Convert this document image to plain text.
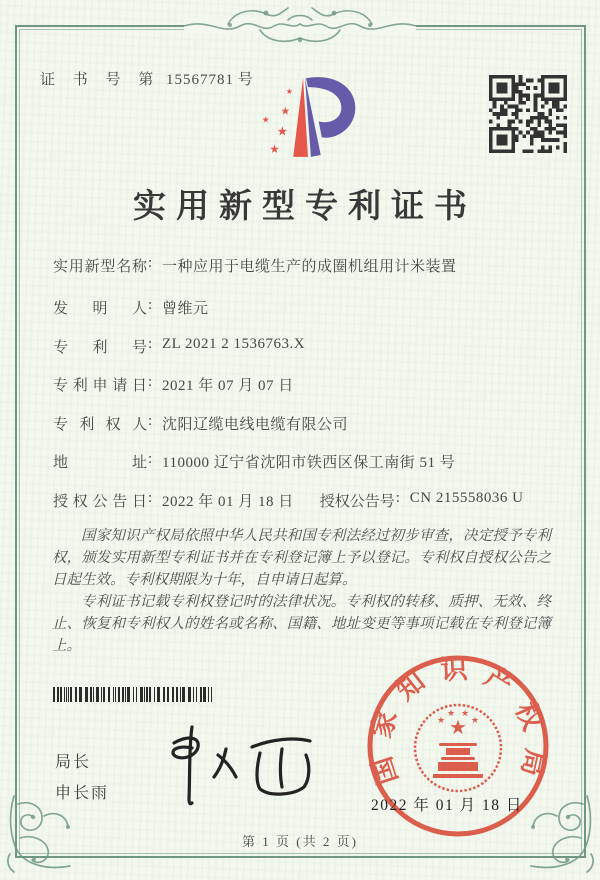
证 书 号 第 15567781 号
★
★
★
★
★
实用新型专利证书
实用新型名称 : 一种应用于电缆生产的成圈机组用计米装置
发明人 : 曾维元
专利号 : ZL 2021 2 1536763.X
专利申请日 : 2021 年 07 月 07 日
专利权人 : 沈阳辽缆电线电缆有限公司
地址 : 110000 辽宁省沈阳市铁西区保工南街 51 号
授权公告日 : 2022 年 01 月 18 日 授权公告号 : CN 215558036 U

国家知识产权局依照中华人民共和国专利法经过初步审查，决定授予专利权，颁发实用新型专利证书并在专利登记簿上予以登记。专利权自授权公告之日起生效。专利权期限为十年，自申请日起算。

专利证书记载专利权登记时的法律状况。专利权的转移、质押、无效、终止、恢复和专利权人的姓名或名称、国籍、地址变更等事项记载在专利登记簿上。

局长
申长雨
国家知识产权局
★
★
★ ★
★
2022 年 01 月 18 日
第 1 页 (共 2 页)
